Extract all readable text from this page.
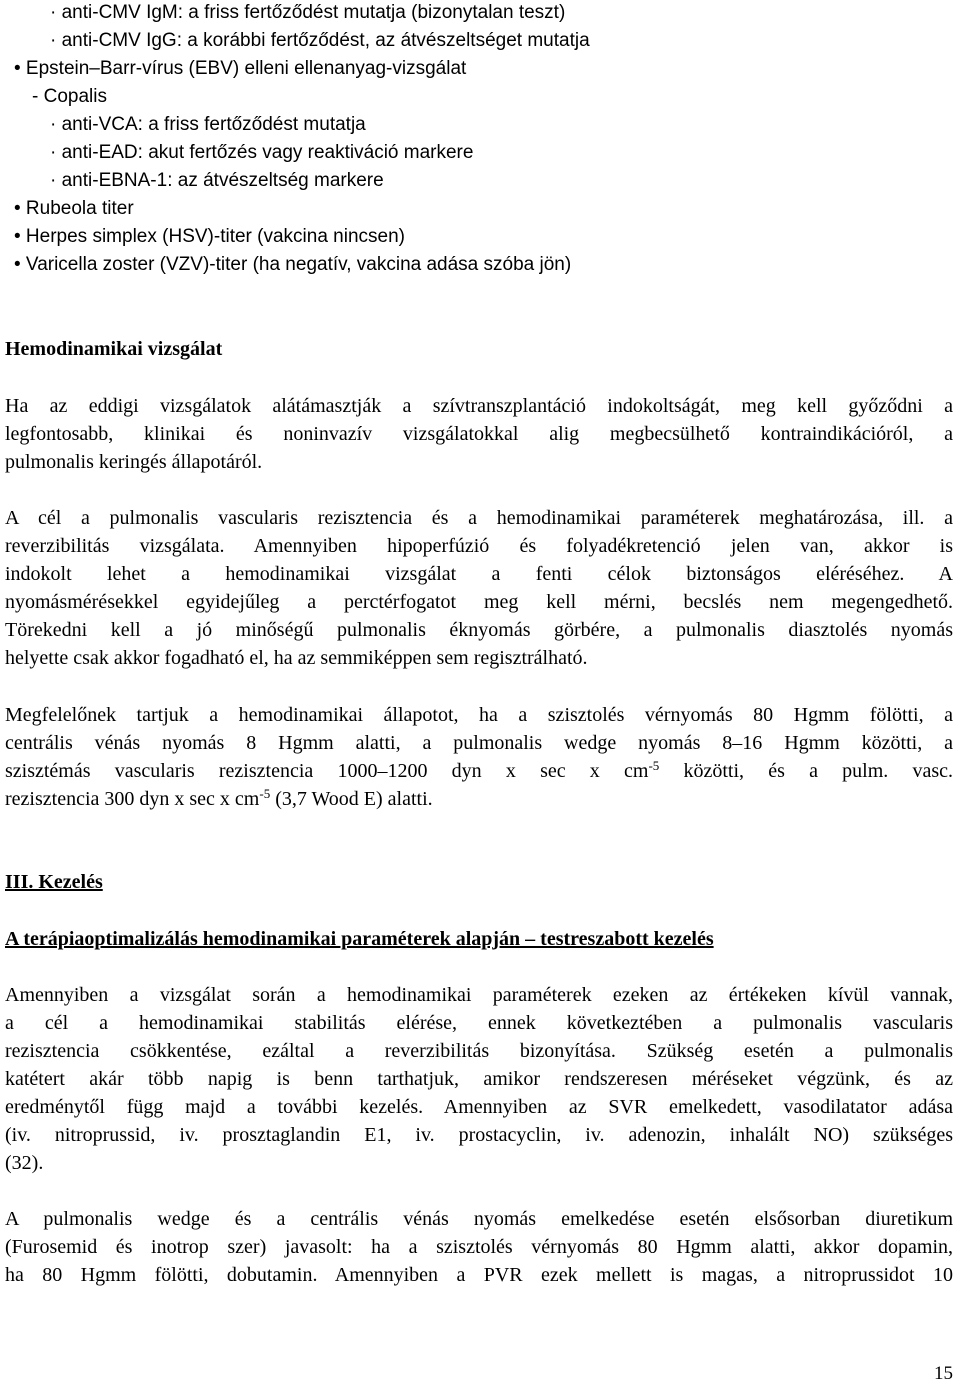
· anti-CMV IgM: a friss fertőződést mutatja (bizonytalan teszt)
· anti-CMV IgG: a korábbi fertőződést, az átvészeltséget mutatja
• Epstein–Barr-vírus (EBV) elleni ellenanyag-vizsgálat
- Copalis
· anti-VCA: a friss fertőződést mutatja
· anti-EAD: akut fertőzés vagy reaktiváció markere
· anti-EBNA-1: az átvészeltség markere
• Rubeola titer
• Herpes simplex (HSV)-titer (vakcina nincsen)
• Varicella zoster (VZV)-titer (ha negatív, vakcina adása szóba jön)
Hemodinamikai vizsgálat
Ha az eddigi vizsgálatok alátámasztják a szívtranszplantáció indokoltságát, meg kell győződni a
legfontosabb, klinikai és noninvazív vizsgálatokkal alig megbecsülhető kontraindikációról, a
pulmonalis keringés állapotáról.
A cél a pulmonalis vascularis rezisztencia és a hemodinamikai paraméterek meghatározása, ill. a
reverzibilitás vizsgálata. Amennyiben hipoperfúzió és folyadékretenció jelen van, akkor is
indokolt lehet a hemodinamikai vizsgálat a fenti célok biztonságos eléréséhez. A
nyomásmérésekkel egyidejűleg a perctérfogatot meg kell mérni, becslés nem megengedhető.
Törekedni kell a jó minőségű pulmonalis éknyomás görbére, a pulmonalis diasztolés nyomás
helyette csak akkor fogadható el, ha az semmiképpen sem regisztrálható.
Megfelelőnek tartjuk a hemodinamikai állapotot, ha a szisztolés vérnyomás 80 Hgmm fölötti, a
centrális vénás nyomás 8 Hgmm alatti, a pulmonalis wedge nyomás 8–16 Hgmm közötti, a
szisztémás vascularis rezisztencia 1000–1200 dyn x sec x $cm^{-5}$ közötti, és a pulm. vasc.
rezisztencia 300 dyn x sec x $cm^{-5}$ (3,7 Wood E) alatti.
III. Kezelés
A terápiaoptimalizálás hemodinamikai paraméterek alapján – testreszabott kezelés
Amennyiben a vizsgálat során a hemodinamikai paraméterek ezeken az értékeken kívül vannak,
a cél a hemodinamikai stabilitás elérése, ennek következtében a pulmonalis vascularis
rezisztencia csökkentése, ezáltal a reverzibilitás bizonyítása. Szükség esetén a pulmonalis
katétert akár több napig is benn tarthatjuk, amikor rendszeresen méréseket végzünk, és az
eredménytől függ majd a további kezelés. Amennyiben az SVR emelkedett, vasodilatator adása
(iv. nitroprussid, iv. prosztaglandin E1, iv. prostacyclin, iv. adenozin, inhalált NO) szükséges
(32).
A pulmonalis wedge és a centrális vénás nyomás emelkedése esetén elsősorban diuretikum
(Furosemid és inotrop szer) javasolt: ha a szisztolés vérnyomás 80 Hgmm alatti, akkor dopamin,
ha 80 Hgmm fölötti, dobutamin. Amennyiben a PVR ezek mellett is magas, a nitroprussidot 10
15
